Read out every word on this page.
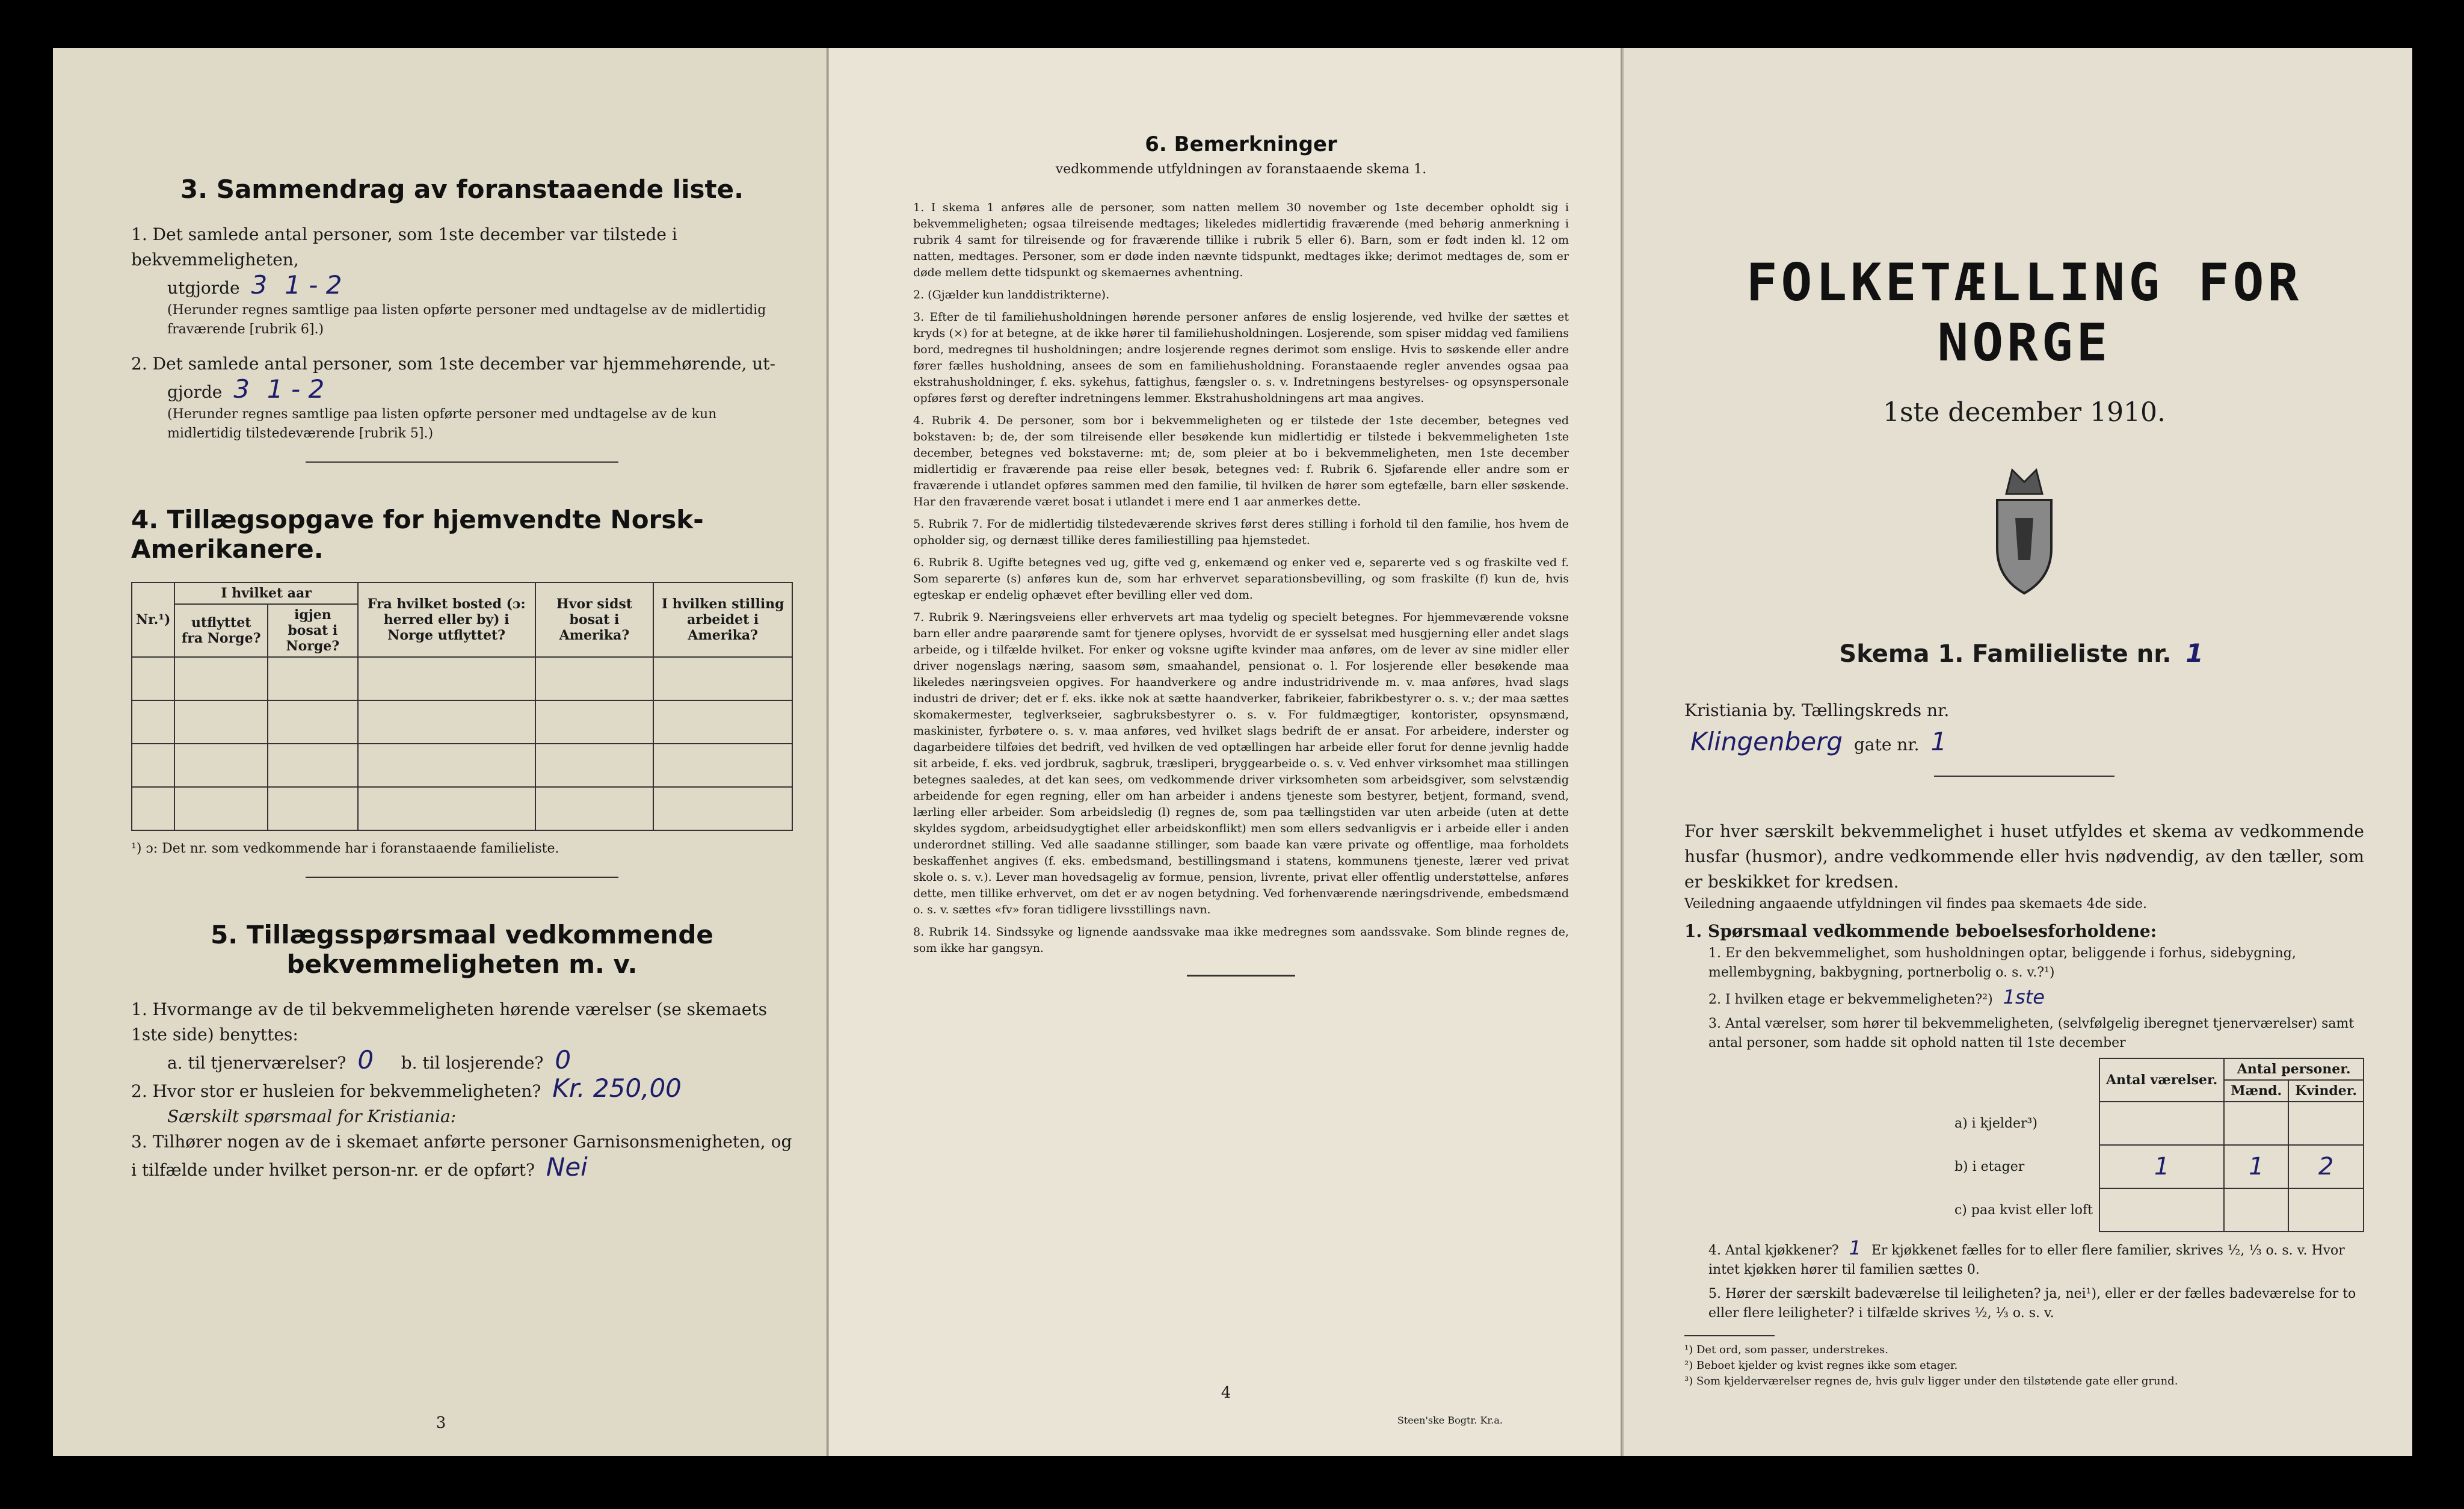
3. Sammendrag av foranstaaende liste.

1. Det samlede antal personer, som 1ste december var tilstede i bekvemmeligheten,

utgjorde 3 1 - 2

(Herunder regnes samtlige paa listen opførte personer med undtagelse av de midlertidig fraværende [rubrik 6].)

2. Det samlede antal personer, som 1ste december var hjemmehørende, ut-

gjorde 3 1 - 2

(Herunder regnes samtlige paa listen opførte personer med undtagelse av de kun midlertidig tilstedeværende [rubrik 5].)

4. Tillægsopgave for hjemvendte Norsk-Amerikanere.
Nr.¹)	I hvilket aar		Fra hvilket bosted (ɔ: herred eller by) i Norge utflyttet?	Hvor sidst bosat i Amerika?	I hvilken stilling arbeidet i Amerika?
	utflyttet fra Norge?	igjen bosat i Norge?			

¹) ɔ: Det nr. som vedkommende har i foranstaaende familieliste.

5. Tillægsspørsmaal vedkommende bekvemmeligheten m. v.

1. Hvormange av de til bekvemmeligheten hørende værelser (se skemaets 1ste side) benyttes:

a. til tjenerværelser? 0 b. til losjerende? 0

2. Hvor stor er husleien for bekvemmeligheten? Kr. 250,00

Særskilt spørsmaal for Kristiania:

3. Tilhører nogen av de i skemaet anførte personer Garnisonsmenigheten, og i tilfælde under hvilket person-nr. er de opført? Nei

3
6. Bemerkninger

vedkommende utfyldningen av foranstaaende skema 1.

1. I skema 1 anføres alle de personer, som natten mellem 30 november og 1ste december opholdt sig i bekvemmeligheten; ogsaa tilreisende medtages; likeledes midlertidig fraværende (med behørig anmerkning i rubrik 4 samt for tilreisende og for fraværende tillike i rubrik 5 eller 6). Barn, som er født inden kl. 12 om natten, medtages. Personer, som er døde inden nævnte tidspunkt, medtages ikke; derimot medtages de, som er døde mellem dette tidspunkt og skemaernes avhentning.

2. (Gjælder kun landdistrikterne).

3. Efter de til familiehusholdningen hørende personer anføres de enslig losjerende, ved hvilke der sættes et kryds (×) for at betegne, at de ikke hører til familiehusholdningen. Losjerende, som spiser middag ved familiens bord, medregnes til husholdningen; andre losjerende regnes derimot som enslige. Hvis to søskende eller andre fører fælles husholdning, ansees de som en familiehusholdning. Foranstaaende regler anvendes ogsaa paa ekstrahusholdninger, f. eks. sykehus, fattighus, fængsler o. s. v. Indretningens bestyrelses- og opsynspersonale opføres først og derefter indretningens lemmer. Ekstrahusholdningens art maa angives.

4. Rubrik 4. De personer, som bor i bekvemmeligheten og er tilstede der 1ste december, betegnes ved bokstaven: b; de, der som tilreisende eller besøkende kun midlertidig er tilstede i bekvemmeligheten 1ste december, betegnes ved bokstaverne: mt; de, som pleier at bo i bekvemmeligheten, men 1ste december midlertidig er fraværende paa reise eller besøk, betegnes ved: f. Rubrik 6. Sjøfarende eller andre som er fraværende i utlandet opføres sammen med den familie, til hvilken de hører som egtefælle, barn eller søskende. Har den fraværende været bosat i utlandet i mere end 1 aar anmerkes dette.

5. Rubrik 7. For de midlertidig tilstedeværende skrives først deres stilling i forhold til den familie, hos hvem de opholder sig, og dernæst tillike deres familiestilling paa hjemstedet.

6. Rubrik 8. Ugifte betegnes ved ug, gifte ved g, enkemænd og enker ved e, separerte ved s og fraskilte ved f. Som separerte (s) anføres kun de, som har erhvervet separationsbevilling, og som fraskilte (f) kun de, hvis egteskap er endelig ophævet efter bevilling eller ved dom.

7. Rubrik 9. Næringsveiens eller erhvervets art maa tydelig og specielt betegnes. For hjemmeværende voksne barn eller andre paarørende samt for tjenere oplyses, hvorvidt de er sysselsat med husgjerning eller andet slags arbeide, og i tilfælde hvilket. For enker og voksne ugifte kvinder maa anføres, om de lever av sine midler eller driver nogenslags næring, saasom søm, smaahandel, pensionat o. l. For losjerende eller besøkende maa likeledes næringsveien opgives. For haandverkere og andre industridrivende m. v. maa anføres, hvad slags industri de driver; det er f. eks. ikke nok at sætte haandverker, fabrikeier, fabrikbestyrer o. s. v.; der maa sættes skomakermester, teglverkseier, sagbruksbestyrer o. s. v. For fuldmægtiger, kontorister, opsynsmænd, maskinister, fyrbøtere o. s. v. maa anføres, ved hvilket slags bedrift de er ansat. For arbeidere, inderster og dagarbeidere tilføies det bedrift, ved hvilken de ved optællingen har arbeide eller forut for denne jevnlig hadde sit arbeide, f. eks. ved jordbruk, sagbruk, træsliperi, bryggearbeide o. s. v. Ved enhver virksomhet maa stillingen betegnes saaledes, at det kan sees, om vedkommende driver virksomheten som arbeidsgiver, som selvstændig arbeidende for egen regning, eller om han arbeider i andens tjeneste som bestyrer, betjent, formand, svend, lærling eller arbeider. Som arbeidsledig (l) regnes de, som paa tællingstiden var uten arbeide (uten at dette skyldes sygdom, arbeidsudygtighet eller arbeidskonflikt) men som ellers sedvanligvis er i arbeide eller i anden underordnet stilling. Ved alle saadanne stillinger, som baade kan være private og offentlige, maa forholdets beskaffenhet angives (f. eks. embedsmand, bestillingsmand i statens, kommunens tjeneste, lærer ved privat skole o. s. v.). Lever man hovedsagelig av formue, pension, livrente, privat eller offentlig understøttelse, anføres dette, men tillike erhvervet, om det er av nogen betydning. Ved forhenværende næringsdrivende, embedsmænd o. s. v. sættes «fv» foran tidligere livsstillings navn.

8. Rubrik 14. Sindssyke og lignende aandssvake maa ikke medregnes som aandssvake. Som blinde regnes de, som ikke har gangsyn.

4
Steen'ske Bogtr. Kr.a.
FOLKETÆLLING FOR NORGE

1ste december 1910.

Skema 1. Familieliste nr. 1

Kristiania by. Tællingskreds nr.

Klingenberg gate nr. 1

For hver særskilt bekvemmelighet i huset utfyldes et skema av vedkommende husfar (husmor), andre vedkommende eller hvis nødvendig, av den tæller, som er beskikket for kredsen.

Veiledning angaaende utfyldningen vil findes paa skemaets 4de side.

1. Spørsmaal vedkommende beboelsesforholdene:

1. Er den bekvemmelighet, som husholdningen optar, beliggende i forhus, sidebygning, mellembygning, bakbygning, portnerbolig o. s. v.?¹)

2. I hvilken etage er bekvemmeligheten?²) 1ste

3. Antal værelser, som hører til bekvemmeligheten, (selvfølgelig iberegnet tjenerværelser) samt antal personer, som hadde sit ophold natten til 1ste december

	Antal værelser.	Antal personer.	
		Mænd.	Kvinder.
a) i kjelder³)			
b) i etager	1	1	2
c) paa kvist eller loft			

4. Antal kjøkkener? 1 Er kjøkkenet fælles for to eller flere familier, skrives ½, ⅓ o. s. v. Hvor intet kjøkken hører til familien sættes 0.

5. Hører der særskilt badeværelse til leiligheten? ja, nei¹), eller er der fælles badeværelse for to eller flere leiligheter? i tilfælde skrives ½, ⅓ o. s. v.

¹) Det ord, som passer, understrekes.

²) Beboet kjelder og kvist regnes ikke som etager.

³) Som kjelderværelser regnes de, hvis gulv ligger under den tilstøtende gate eller grund.
